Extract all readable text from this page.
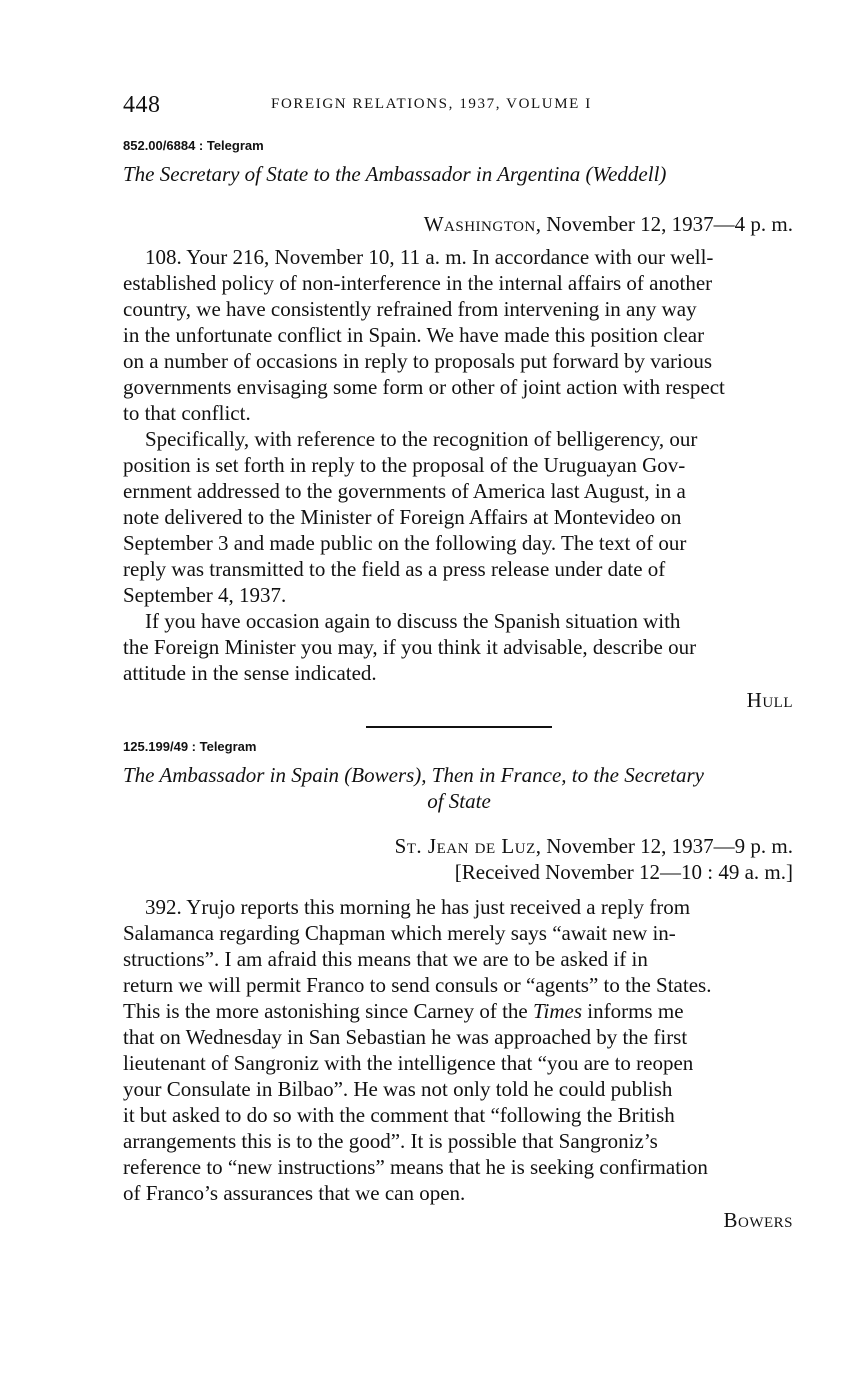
448	FOREIGN RELATIONS, 1937, VOLUME I
852.00/6884 : Telegram
The Secretary of State to the Ambassador in Argentina (Weddell)
Washington, November 12, 1937—4 p. m.
108. Your 216, November 10, 11 a. m. In accordance with our well-
established policy of non-interference in the internal affairs of another
country, we have consistently refrained from intervening in any way
in the unfortunate conflict in Spain. We have made this position clear
on a number of occasions in reply to proposals put forward by various
governments envisaging some form or other of joint action with respect
to that conflict.
Specifically, with reference to the recognition of belligerency, our
position is set forth in reply to the proposal of the Uruguayan Gov-
ernment addressed to the governments of America last August, in a
note delivered to the Minister of Foreign Affairs at Montevideo on
September 3 and made public on the following day. The text of our
reply was transmitted to the field as a press release under date of
September 4, 1937.
If you have occasion again to discuss the Spanish situation with
the Foreign Minister you may, if you think it advisable, describe our
attitude in the sense indicated.
Hull
125.199/49 : Telegram
The Ambassador in Spain (Bowers), Then in France, to the Secretary
of State
St. Jean de Luz, November 12, 1937—9 p. m.
[Received November 12—10 : 49 a. m.]
392. Yrujo reports this morning he has just received a reply from
Salamanca regarding Chapman which merely says “await new in-
structions”. I am afraid this means that we are to be asked if in
return we will permit Franco to send consuls or “agents” to the States.
This is the more astonishing since Carney of the Times informs me
that on Wednesday in San Sebastian he was approached by the first
lieutenant of Sangroniz with the intelligence that “you are to reopen
your Consulate in Bilbao”. He was not only told he could publish
it but asked to do so with the comment that “following the British
arrangements this is to the good”. It is possible that Sangroniz’s
reference to “new instructions” means that he is seeking confirmation
of Franco’s assurances that we can open.
Bowers
